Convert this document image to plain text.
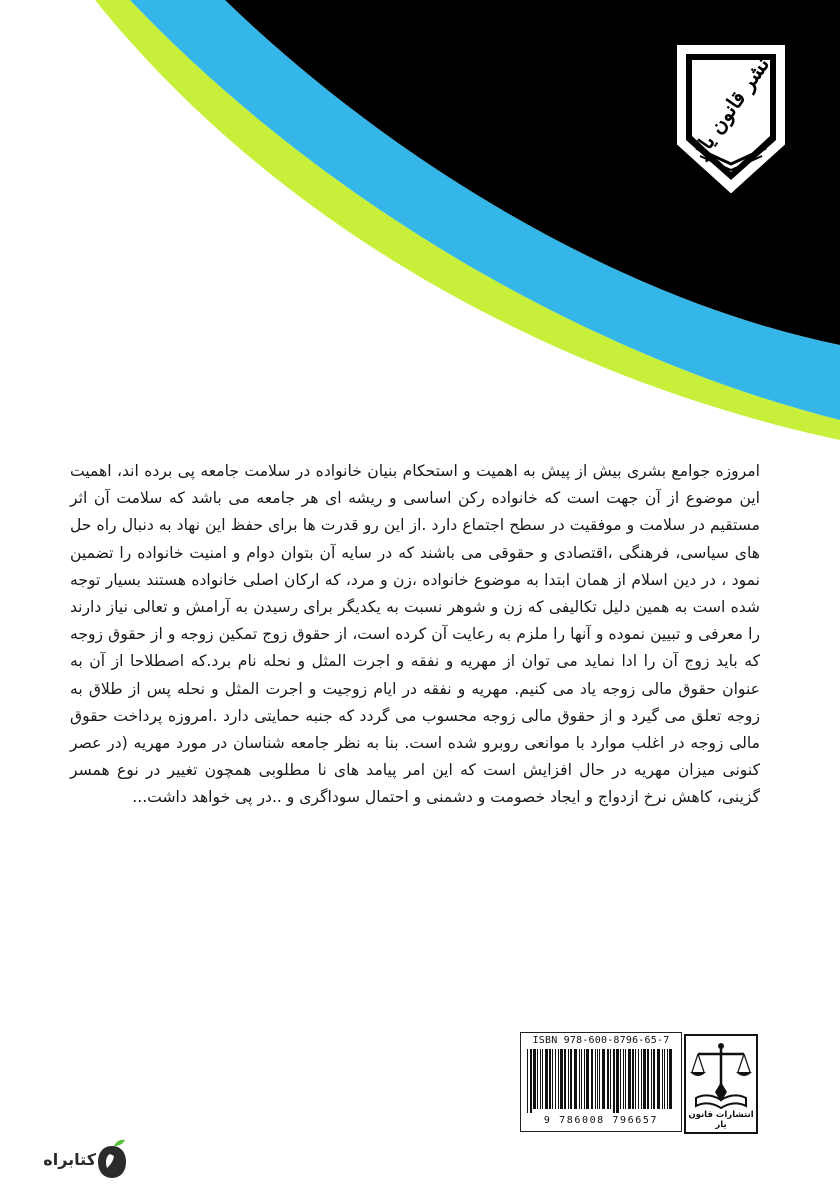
نشر قانون یار

امروزه جوامع بشری بیش از پیش به اهمیت و استحکام بنیان خانواده در سلامت جامعه پی برده اند، اهمیت این موضوع از آن جهت است که خانواده رکن اساسی و ریشه ای هر جامعه می باشد که سلامت آن اثر مستقیم در سلامت و موفقیت در سطح اجتماع دارد .از این رو قدرت ها برای حفظ این نهاد به دنبال راه حل های سیاسی، فرهنگی ،اقتصادی و حقوقی می باشند که در سایه آن بتوان دوام و امنیت خانواده را تضمین نمود ، در دین اسلام از همان ابتدا به موضوع خانواده ،زن و مرد، که ارکان اصلی خانواده هستند بسیار توجه شده است به همین دلیل تکالیفی که زن و شوهر نسبت به یکدیگر برای رسیدن به آرامش و تعالی نیاز دارند را معرفی و تبیین نموده و آنها را ملزم به رعایت آن کرده است، از حقوق زوج تمکین زوجه و از حقوق زوجه که باید زوج آن را ادا نماید می توان از مهریه و نفقه و اجرت المثل و نحله نام برد.که اصطلاحا از آن به عنوان حقوق مالی زوجه یاد می کنیم. مهریه و نفقه در ایام زوجیت و اجرت المثل و نحله پس از طلاق به زوجه تعلق می گیرد و از حقوق مالی زوجه محسوب می گردد که جنبه حمایتی دارد .امروزه پرداخت حقوق مالی زوجه در اغلب موارد با موانعی روبرو شده است. بنا به نظر جامعه شناسان در مورد مهریه (در عصر کنونی میزان مهریه در حال افزایش است که این امر پیامد های نا مطلوبی همچون تغییر در نوع همسر گزینی، کاهش نرخ ازدواج و ایجاد خصومت و دشمنی و احتمال سوداگری و ..در پی خواهد داشت...

ISBN 978-600-8796-65-7
9 786008 796657	انتشارات قانون یار
کتابراه
